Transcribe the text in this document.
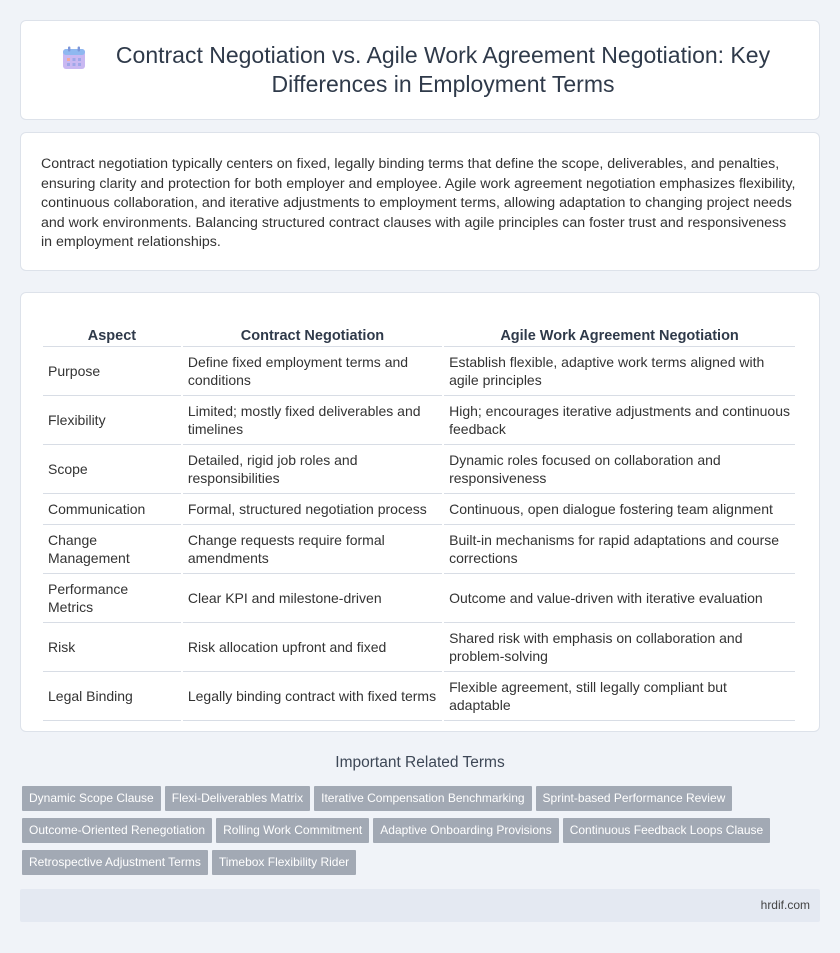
Contract Negotiation vs. Agile Work Agreement Negotiation: Key Differences in Employment Terms

Contract negotiation typically centers on fixed, legally binding terms that define the scope, deliverables, and penalties, ensuring clarity and protection for both employer and employee. Agile work agreement negotiation emphasizes flexibility, continuous collaboration, and iterative adjustments to employment terms, allowing adaptation to changing project needs and work environments. Balancing structured contract clauses with agile principles can foster trust and responsiveness in employment relationships.

Aspect	Contract Negotiation	Agile Work Agreement Negotiation
Purpose	Define fixed employment terms and conditions	Establish flexible, adaptive work terms aligned with agile principles
Flexibility	Limited; mostly fixed deliverables and timelines	High; encourages iterative adjustments and continuous feedback
Scope	Detailed, rigid job roles and responsibilities	Dynamic roles focused on collaboration and responsiveness
Communication	Formal, structured negotiation process	Continuous, open dialogue fostering team alignment
Change Management	Change requests require formal amendments	Built-in mechanisms for rapid adaptations and course corrections
Performance Metrics	Clear KPI and milestone-driven	Outcome and value-driven with iterative evaluation
Risk	Risk allocation upfront and fixed	Shared risk with emphasis on collaboration and problem-solving
Legal Binding	Legally binding contract with fixed terms	Flexible agreement, still legally compliant but adaptable
Important Related Terms
Dynamic Scope Clause Flexi-Deliverables Matrix Iterative Compensation Benchmarking Sprint-based Performance Review
Outcome-Oriented Renegotiation Rolling Work Commitment Adaptive Onboarding Provisions Continuous Feedback Loops Clause
Retrospective Adjustment Terms Timebox Flexibility Rider
hrdif.com
